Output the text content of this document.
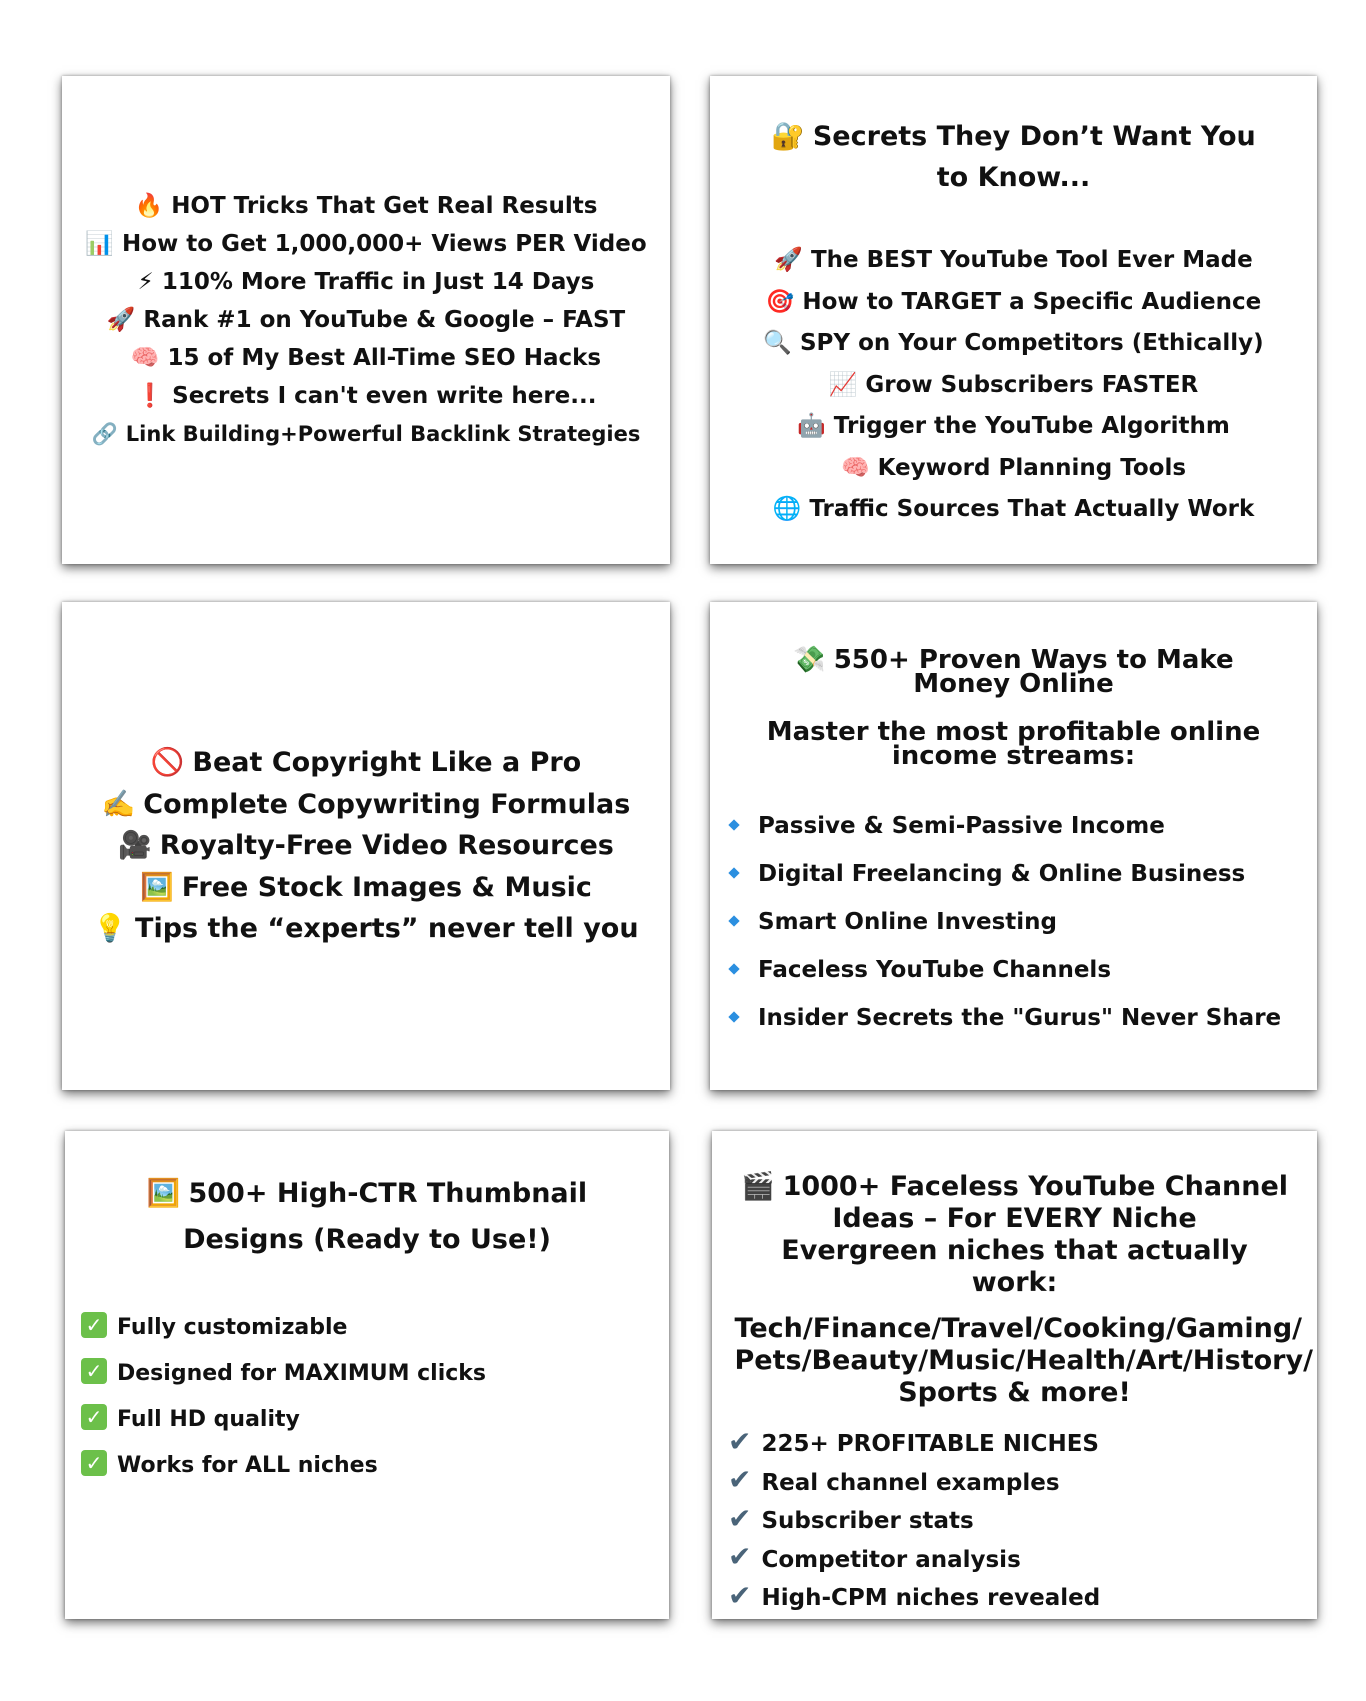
🔥 HOT Tricks That Get Real Results
📊 How to Get 1,000,000+ Views PER Video
⚡ 110% More Traffic in Just 14 Days
🚀 Rank #1 on YouTube & Google – FAST
🧠 15 of My Best All-Time SEO Hacks
❗ Secrets I can't even write here...
🔗 Link Building+Powerful Backlink Strategies
🔐 Secrets They Don’t Want You to Know...
🚀 The BEST YouTube Tool Ever Made
🎯 How to TARGET a Specific Audience
🔍 SPY on Your Competitors (Ethically)
📈 Grow Subscribers FASTER
🤖 Trigger the YouTube Algorithm
🧠 Keyword Planning Tools
🌐 Traffic Sources That Actually Work
🚫 Beat Copyright Like a Pro
✍️ Complete Copywriting Formulas
🎥 Royalty-Free Video Resources
🖼️ Free Stock Images & Music
💡 Tips the “experts” never tell you
💸 550+ Proven Ways to Make Money Online
Master the most profitable online income streams:
Passive & Semi-Passive Income
Digital Freelancing & Online Business
Smart Online Investing
Faceless YouTube Channels
Insider Secrets the "Gurus" Never Share
🖼️ 500+ High-CTR Thumbnail Designs (Ready to Use!)
✓ Fully customizable
✓ Designed for MAXIMUM clicks
✓ Full HD quality
✓ Works for ALL niches
🎬 1000+ Faceless YouTube Channel Ideas – For EVERY Niche
Evergreen niches that actually work:
Tech/Finance/Travel/Cooking/Gaming/ Pets/Beauty/Music/Health/Art/History/ Sports & more!
✔ 225+ PROFITABLE NICHES
✔ Real channel examples
✔ Subscriber stats
✔ Competitor analysis
✔ High-CPM niches revealed
